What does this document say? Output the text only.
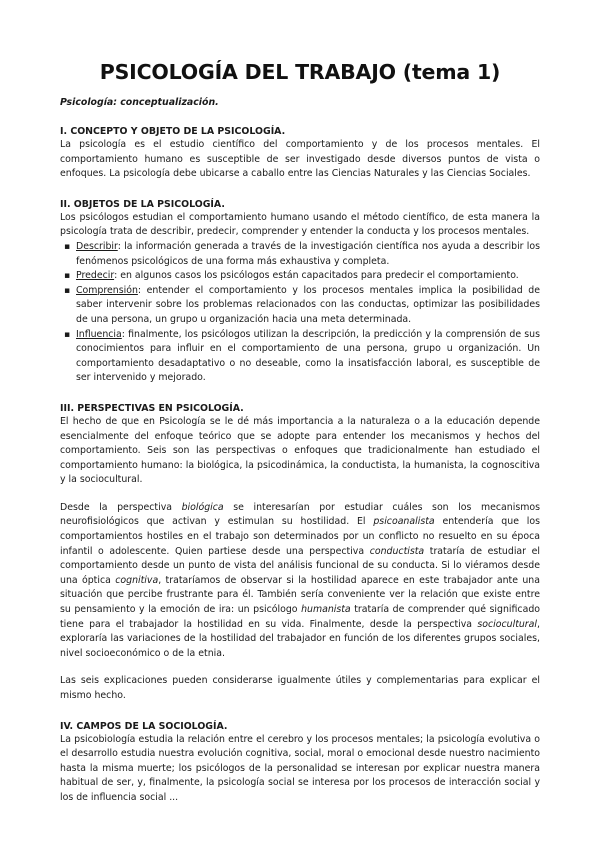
PSICOLOGÍA DEL TRABAJO (tema 1)
Psicología: conceptualización.
I. CONCEPTO Y OBJETO DE LA PSICOLOGÍA.

La psicología es el estudio científico del comportamiento y de los procesos mentales. El comportamiento humano es susceptible de ser investigado desde diversos puntos de vista o enfoques. La psicología debe ubicarse a caballo entre las Ciencias Naturales y las Ciencias Sociales.

II. OBJETOS DE LA PSICOLOGÍA.

Los psicólogos estudian el comportamiento humano usando el método científico, de esta manera la psicología trata de describir, predecir, comprender y entender la conducta y los procesos mentales.

▪ Describir: la información generada a través de la investigación científica nos ayuda a describir los fenómenos psicológicos de una forma más exhaustiva y completa.
▪ Predecir: en algunos casos los psicólogos están capacitados para predecir el comportamiento.
▪ Comprensión: entender el comportamiento y los procesos mentales implica la posibilidad de saber intervenir sobre los problemas relacionados con las conductas, optimizar las posibilidades de una persona, un grupo u organización hacia una meta determinada.
▪ Influencia: finalmente, los psicólogos utilizan la descripción, la predicción y la comprensión de sus conocimientos para influir en el comportamiento de una persona, grupo u organización. Un comportamiento desadaptativo o no deseable, como la insatisfacción laboral, es susceptible de ser intervenido y mejorado.
III. PERSPECTIVAS EN PSICOLOGÍA.

El hecho de que en Psicología se le dé más importancia a la naturaleza o a la educación depende esencialmente del enfoque teórico que se adopte para entender los mecanismos y hechos del comportamiento. Seis son las perspectivas o enfoques que tradicionalmente han estudiado el comportamiento humano: la biológica, la psicodinámica, la conductista, la humanista, la cognoscitiva y la sociocultural.

Desde la perspectiva biológica se interesarían por estudiar cuáles son los mecanismos neurofisiológicos que activan y estimulan su hostilidad. El psicoanalista entendería que los comportamientos hostiles en el trabajo son determinados por un conflicto no resuelto en su época infantil o adolescente. Quien partiese desde una perspectiva conductista trataría de estudiar el comportamiento desde un punto de vista del análisis funcional de su conducta. Si lo viéramos desde una óptica cognitiva, trataríamos de observar si la hostilidad aparece en este trabajador ante una situación que percibe frustrante para él. También sería conveniente ver la relación que existe entre su pensamiento y la emoción de ira: un psicólogo humanista trataría de comprender qué significado tiene para el trabajador la hostilidad en su vida. Finalmente, desde la perspectiva sociocultural, exploraría las variaciones de la hostilidad del trabajador en función de los diferentes grupos sociales, nivel socioeconómico o de la etnia.

Las seis explicaciones pueden considerarse igualmente útiles y complementarias para explicar el mismo hecho.

IV. CAMPOS DE LA SOCIOLOGÍA.

La psicobiología estudia la relación entre el cerebro y los procesos mentales; la psicología evolutiva o el desarrollo estudia nuestra evolución cognitiva, social, moral o emocional desde nuestro nacimiento hasta la misma muerte; los psicólogos de la personalidad se interesan por explicar nuestra manera habitual de ser, y, finalmente, la psicología social se interesa por los procesos de interacción social y los de influencia social ...
